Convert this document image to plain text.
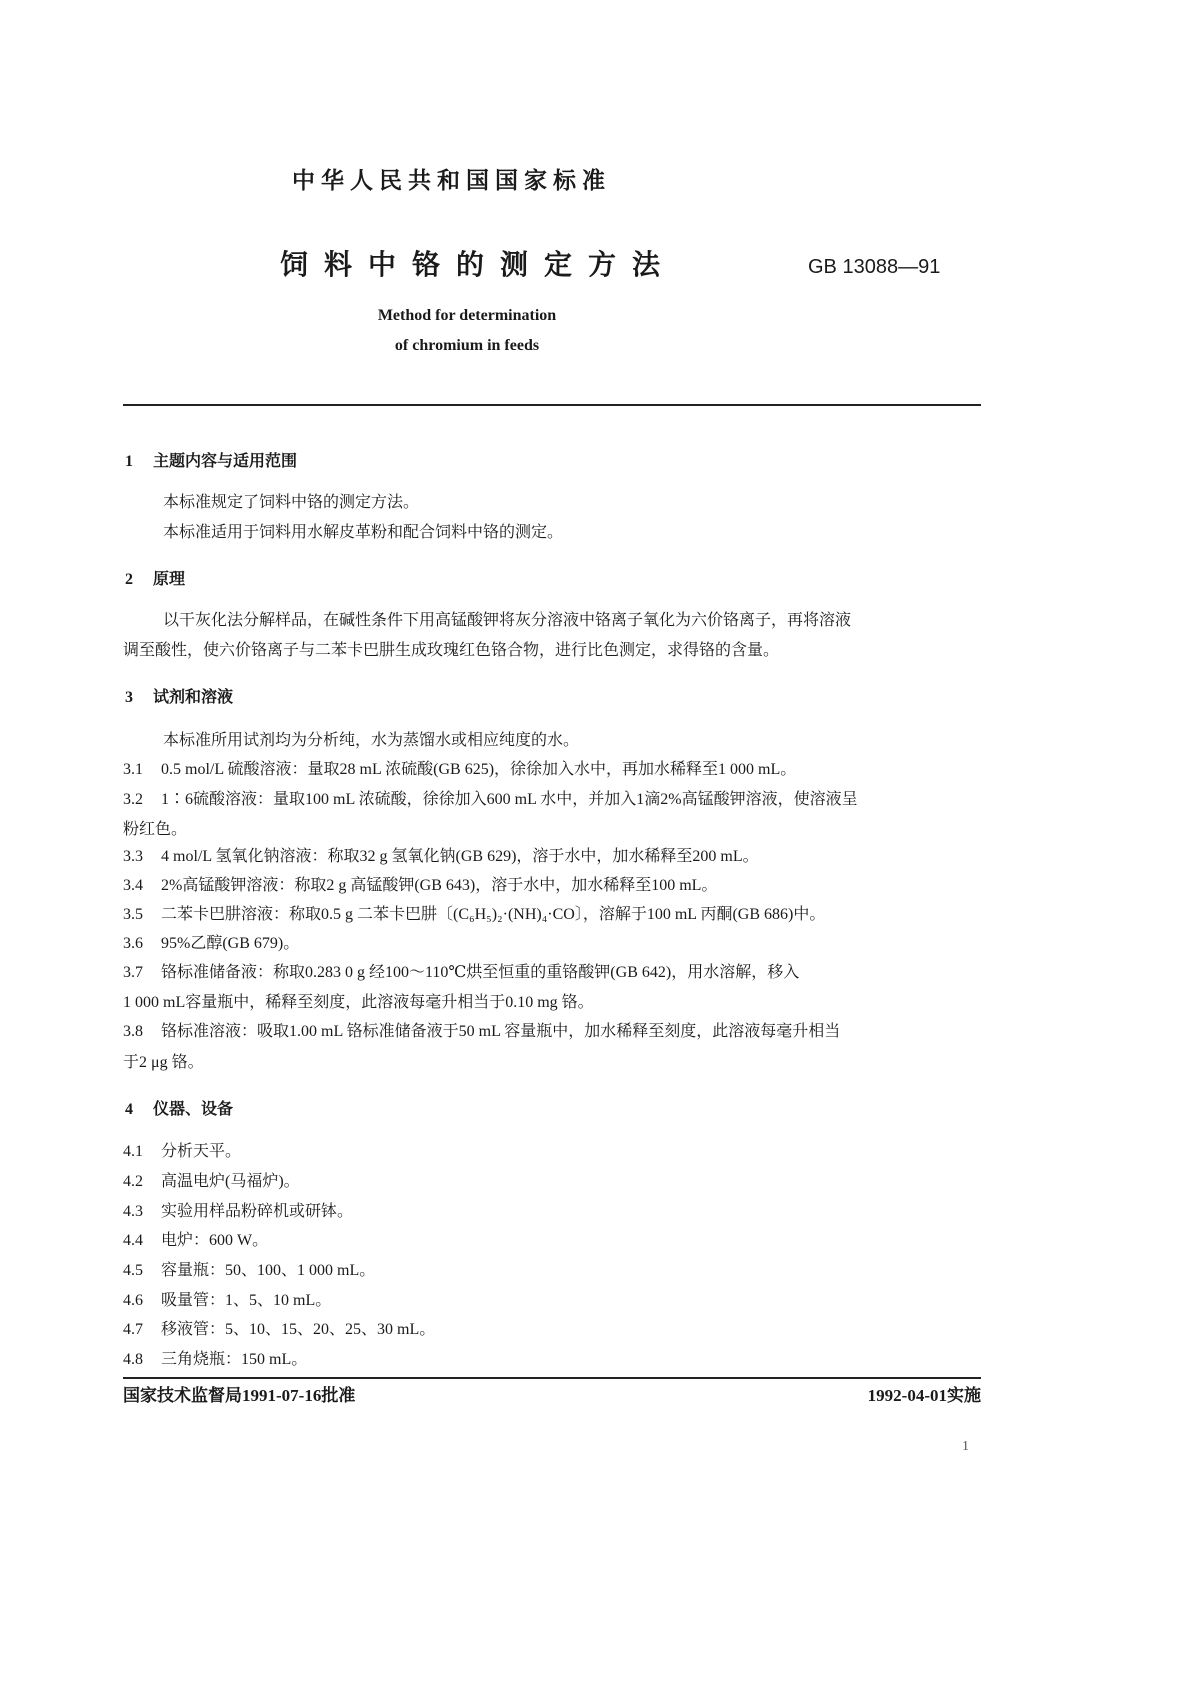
中华人民共和国国家标准
饲料中铬的测定方法	GB 13088—91
Method for determination
of chromium in feeds
1 主题内容与适用范围
本标准规定了饲料中铬的测定方法。
本标准适用于饲料用水解皮革粉和配合饲料中铬的测定。
2 原理
以干灰化法分解样品，在碱性条件下用高锰酸钾将灰分溶液中铬离子氧化为六价铬离子，再将溶液
调至酸性，使六价铬离子与二苯卡巴肼生成玫瑰红色铬合物，进行比色测定，求得铬的含量。
3 试剂和溶液
本标准所用试剂均为分析纯，水为蒸馏水或相应纯度的水。
3.1 0.5 mol/L 硫酸溶液：量取28 mL 浓硫酸(GB 625)，徐徐加入水中，再加水稀释至1 000 mL。
3.2 1∶6硫酸溶液：量取100 mL 浓硫酸，徐徐加入600 mL 水中，并加入1滴2%高锰酸钾溶液，使溶液呈
粉红色。
3.3 4 mol/L 氢氧化钠溶液：称取32 g 氢氧化钠(GB 629)，溶于水中，加水稀释至200 mL。
3.4 2%高锰酸钾溶液：称取2 g 高锰酸钾(GB 643)，溶于水中，加水稀释至100 mL。
3.5 二苯卡巴肼溶液：称取0.5 g 二苯卡巴肼〔(C₆H₅)₂·(NH)₄·CO〕，溶解于100 mL 丙酮(GB 686)中。
3.6 95%乙醇(GB 679)。
3.7 铬标准储备液：称取0.283 0 g 经100～110℃烘至恒重的重铬酸钾(GB 642)，用水溶解，移入
1 000 mL容量瓶中，稀释至刻度，此溶液每毫升相当于0.10 mg 铬。
3.8 铬标准溶液：吸取1.00 mL 铬标准储备液于50 mL 容量瓶中，加水稀释至刻度，此溶液每毫升相当
于2 μg 铬。
4 仪器、设备
4.1 分析天平。
4.2 高温电炉(马福炉)。
4.3 实验用样品粉碎机或研钵。
4.4 电炉：600 W。
4.5 容量瓶：50、100、1 000 mL。
4.6 吸量管：1、5、10 mL。
4.7 移液管：5、10、15、20、25、30 mL。
4.8 三角烧瓶：150 mL。
国家技术监督局1991-07-16批准	1992-04-01实施
1
